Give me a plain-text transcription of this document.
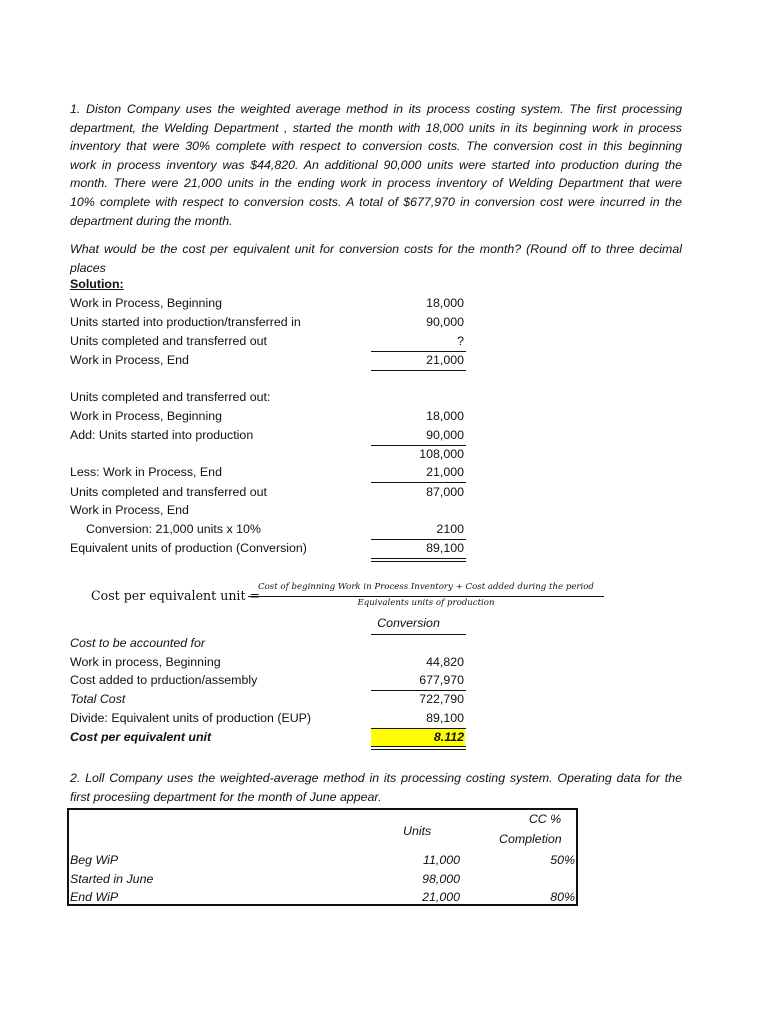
1. Diston Company uses the weighted average method in its process costing system. The first processing
department, the Welding Department , started the month with 18,000 units in its beginning work in process
inventory that were 30% complete with respect to conversion costs. The conversion cost in this beginning
work in process inventory was $44,820. An additional 90,000 units were started into production during the
month. There were 21,000 units in the ending work in process inventory of Welding Department that were
10% complete with respect to conversion costs. A total of $677,970 in conversion cost were incurred in the
department during the month.
What would be the cost per equivalent unit for conversion costs for the month? (Round off to three decimal
places
Solution:
Work in Process, Beginning	18,000
Units started into production/transferred in	90,000
Units completed and transferred out	?
Work in Process, End	21,000
Units completed and transferred out:
Work in Process, Beginning	18,000
Add: Units started into production	90,000
108,000
Less: Work in Process, End	21,000
Units completed and transferred out	87,000
Work in Process, End
Conversion: 21,000 units x 10%	2100
Equivalent units of production (Conversion)	89,100
Cost per equivalent unit =
Cost of beginning Work in Process Inventory + Cost added during the period
Equivalents units of production
Conversion
Cost to be accounted for
Work in process, Beginning	44,820
Cost added to prduction/assembly	677,970
Total Cost	722,790
Divide: Equivalent units of production (EUP)	89,100
Cost per equivalent unit	8.112
2. Loll Company uses the weighted-average method in its processing costing system. Operating data for the
first procesiing department for the month of June appear.
Units
CC %
Completion
Beg WiP	11,000	50%
Started in June	98,000
End WiP	21,000	80%
